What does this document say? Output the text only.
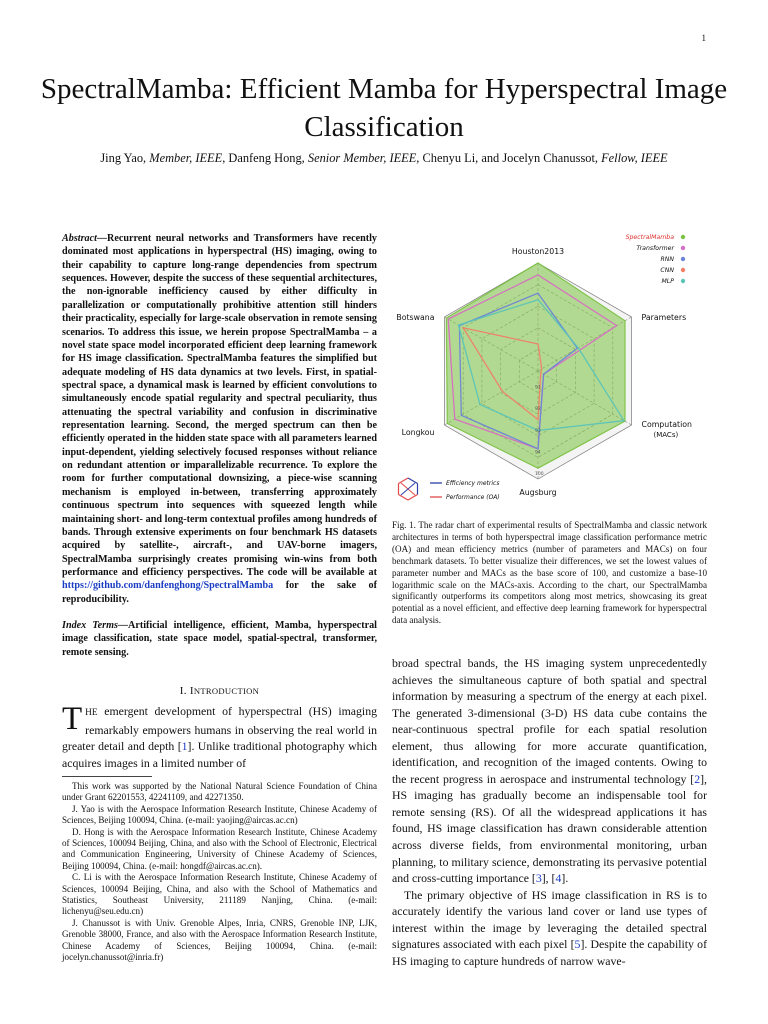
1
SpectralMamba: Efficient Mamba for Hyperspectral Image Classification
Jing Yao, Member, IEEE, Danfeng Hong, Senior Member, IEEE, Chenyu Li, and Jocelyn Chanussot, Fellow, IEEE
Abstract—Recurrent neural networks and Transformers have recently dominated most applications in hyperspectral (HS) imaging, owing to their capability to capture long-range dependencies from spectrum sequences. However, despite the success of these sequential architectures, the non-ignorable inefficiency caused by either difficulty in parallelization or computationally prohibitive attention still hinders their practicality, especially for large-scale observation in remote sensing scenarios. To address this issue, we herein propose SpectralMamba – a novel state space model incorporated efficient deep learning framework for HS image classification. SpectralMamba features the simplified but adequate modeling of HS data dynamics at two levels. First, in spatial-spectral space, a dynamical mask is learned by efficient convolutions to simultaneously encode spatial regularity and spectral peculiarity, thus attenuating the spectral variability and confusion in discriminative representation learning. Second, the merged spectrum can then be efficiently operated in the hidden state space with all parameters learned input-dependent, yielding selectively focused responses without reliance on redundant attention or imparallelizable recurrence. To explore the room for further computational downsizing, a piece-wise scanning mechanism is employed in-between, transferring approximately continuous spectrum into sequences with squeezed length while maintaining short- and long-term contextual profiles among hundreds of bands. Through extensive experiments on four benchmark HS datasets acquired by satellite-, aircraft-, and UAV-borne imagers, SpectralMamba surprisingly creates promising win-wins from both performance and efficiency perspectives. The code will be available at https://github.com/danfenghong/SpectralMamba for the sake of reproducibility.
Index Terms—Artificial intelligence, efficient, Mamba, hyperspectral image classification, state space model, spatial-spectral, transformer, remote sensing.
I. INTRODUCTION
THE emergent development of hyperspectral (HS) imaging remarkably empowers humans in observing the real world in greater detail and depth [1]. Unlike traditional photography which acquires images in a limited number of

This work was supported by the National Natural Science Foundation of China under Grant 62201553, 42241109, and 42271350.

J. Yao is with the Aerospace Information Research Institute, Chinese Academy of Sciences, Beijing 100094, China. (e-mail: yaojing@aircas.ac.cn)

D. Hong is with the Aerospace Information Research Institute, Chinese Academy of Sciences, 100094 Beijing, China, and also with the School of Electronic, Electrical and Communication Engineering, University of Chinese Academy of Sciences, Beijing 100094, China. (e-mail: hongdf@aircas.ac.cn).

C. Li is with the Aerospace Information Research Institute, Chinese Academy of Sciences, 100094 Beijing, China, and also with the School of Mathematics and Statistics, Southeast University, 211189 Nanjing, China. (e-mail: lichenyu@seu.edu.cn)

J. Chanussot is with Univ. Grenoble Alpes, Inria, CNRS, Grenoble INP, LJK, Grenoble 38000, France, and also with the Aerospace Information Research Institute, Chinese Academy of Sciences, Beijing 100094, China. (e-mail: jocelyn.chanussot@inria.fr)

91
92
93
94
100
Houston2013
Parameters
Computation
(MACs)
Augsburg
Longkou
Botswana
SpectralMamba
Transformer
RNN
CNN
MLP
Efficiency metrics
Performance (OA)
Fig. 1. The radar chart of experimental results of SpectralMamba and classic network architectures in terms of both hyperspectral image classification performance metric (OA) and mean efficiency metrics (number of parameters and MACs) on four benchmark datasets. To better visualize their differences, we set the lowest values of parameter number and MACs as the base score of 100, and customize a base-10 logarithmic scale on the MACs-axis. According to the chart, our SpectralMamba significantly outperforms its competitors along most metrics, showcasing its great potential as a novel efficient, and effective deep learning framework for hyperspectral data analysis.

broad spectral bands, the HS imaging system unprecedentedly achieves the simultaneous capture of both spatial and spectral information by measuring a spectrum of the energy at each pixel. The generated 3-dimensional (3-D) HS data cube contains the near-continuous spectral profile for each spatial resolution element, thus allowing for more accurate quantification, identification, and recognition of the imaged contents. Owing to the recent progress in aerospace and instrumental technology [2], HS imaging has gradually become an indispensable tool for remote sensing (RS). Of all the widespread applications it has found, HS image classification has drawn considerable attention across diverse fields, from environmental monitoring, urban planning, to military science, demonstrating its pervasive potential and cross-cutting importance [3], [4].

The primary objective of HS image classification in RS is to accurately identify the various land cover or land use types of interest within the image by leveraging the detailed spectral signatures associated with each pixel [5]. Despite the capability of HS imaging to capture hundreds of narrow wave-
